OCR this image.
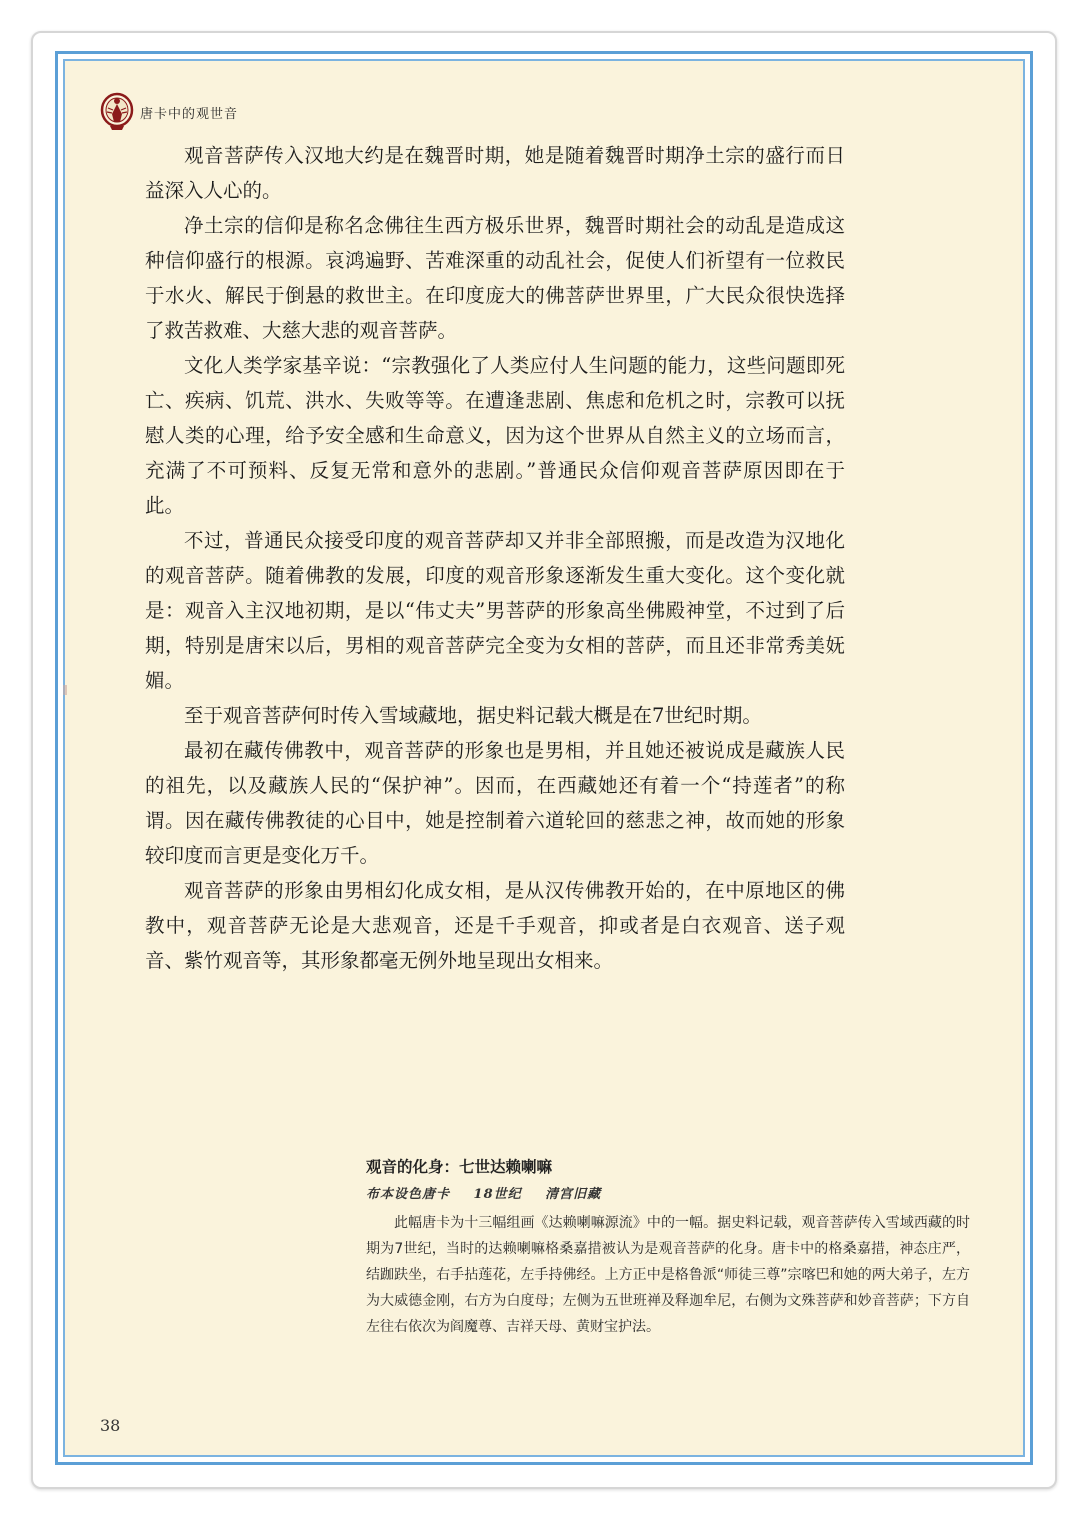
唐卡中的观世音

观音菩萨传入汉地大约是在魏晋时期，她是随着魏晋时期净土宗的盛行而日益深入人心的。

净土宗的信仰是称名念佛往生西方极乐世界，魏晋时期社会的动乱是造成这种信仰盛行的根源。哀鸿遍野、苦难深重的动乱社会，促使人们祈望有一位救民于水火、解民于倒悬的救世主。在印度庞大的佛菩萨世界里，广大民众很快选择了救苦救难、大慈大悲的观音菩萨。

文化人类学家基辛说：“宗教强化了人类应付人生问题的能力，这些问题即死亡、疾病、饥荒、洪水、失败等等。在遭逢悲剧、焦虑和危机之时，宗教可以抚慰人类的心理，给予安全感和生命意义，因为这个世界从自然主义的立场而言，充满了不可预料、反复无常和意外的悲剧。”普通民众信仰观音菩萨原因即在于此。

不过，普通民众接受印度的观音菩萨却又并非全部照搬，而是改造为汉地化的观音菩萨。随着佛教的发展，印度的观音形象逐渐发生重大变化。这个变化就是：观音入主汉地初期，是以“伟丈夫”男菩萨的形象高坐佛殿神堂，不过到了后期，特别是唐宋以后，男相的观音菩萨完全变为女相的菩萨，而且还非常秀美妩媚。

至于观音菩萨何时传入雪域藏地，据史料记载大概是在7世纪时期。

最初在藏传佛教中，观音菩萨的形象也是男相，并且她还被说成是藏族人民的祖先，以及藏族人民的“保护神”。因而，在西藏她还有着一个“持莲者”的称谓。因在藏传佛教徒的心目中，她是控制着六道轮回的慈悲之神，故而她的形象较印度而言更是变化万千。

观音菩萨的形象由男相幻化成女相，是从汉传佛教开始的，在中原地区的佛教中，观音菩萨无论是大悲观音，还是千手观音，抑或者是白衣观音、送子观音、紫竹观音等，其形象都毫无例外地呈现出女相来。

观音的化身：七世达赖喇嘛
布本设色唐卡 18世纪 清宫旧藏

此幅唐卡为十三幅组画《达赖喇嘛源流》中的一幅。据史料记载，观音菩萨传入雪域西藏的时期为7世纪，当时的达赖喇嘛格桑嘉措被认为是观音菩萨的化身。唐卡中的格桑嘉措，神态庄严，结跏趺坐，右手拈莲花，左手持佛经。上方正中是格鲁派“师徒三尊”宗喀巴和她的两大弟子，左方为大威德金刚，右方为白度母；左侧为五世班禅及释迦牟尼，右侧为文殊菩萨和妙音菩萨；下方自左往右依次为阎魔尊、吉祥天母、黄财宝护法。

38
